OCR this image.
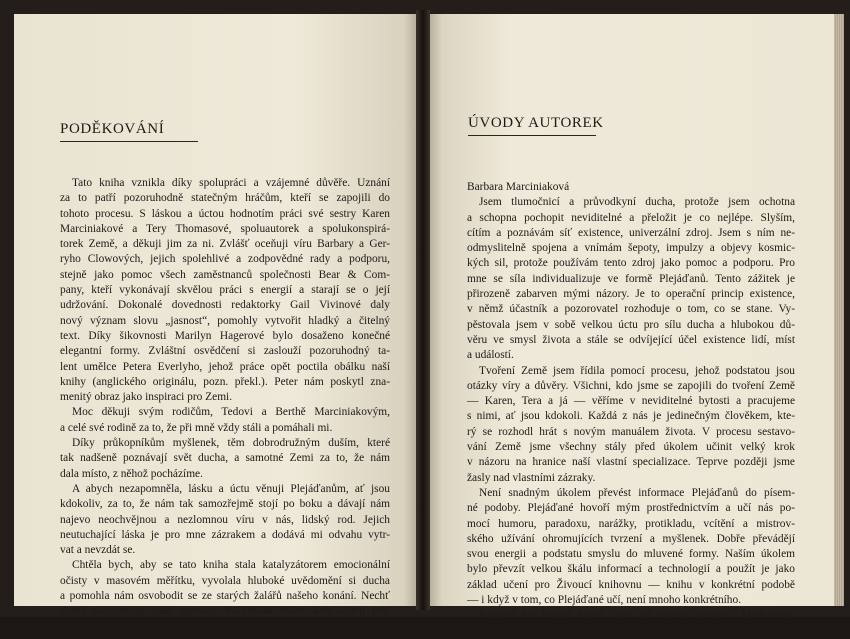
PODĚKOVÁNÍ
Tato kniha vznikla díky spolupráci a vzájemné důvěře. Uznání
za to patří pozoruhodně statečným hráčům, kteří se zapojili do
tohoto procesu. S láskou a úctou hodnotím práci své sestry Karen
Marciniakové a Tery Thomasové, spoluautorek a spolukonspirá-
torek Země, a děkuji jim za ni. Zvlášť oceňuji víru Barbary a Ger-
ryho Clowových, jejich spolehlivé a zodpovědné rady a podporu,
stejně jako pomoc všech zaměstnanců společnosti Bear & Com-
pany, kteří vykonávají skvělou práci s energií a starají se o její
udržování. Dokonalé dovednosti redaktorky Gail Vivinové daly
nový význam slovu „jasnost“, pomohly vytvořit hladký a čitelný
text. Díky šikovnosti Marilyn Hagerové bylo dosaženo konečné
elegantní formy. Zvláštní osvědčení si zaslouží pozoruhodný ta-
lent umělce Petera Everlyho, jehož práce opět poctila obálku naší
knihy (anglického originálu, pozn. překl.). Peter nám poskytl zna-
menitý obraz jako inspiraci pro Zemi.
Moc děkuji svým rodičům, Tedovi a Berthě Marciniakovým,
a celé své rodině za to, že při mně vždy stáli a pomáhali mi.
Díky průkopníkům myšlenek, těm dobrodružným duším, které
tak nadšeně poznávají svět ducha, a samotné Zemi za to, že nám
dala místo, z něhož pocházíme.
A abych nezapomněla, lásku a úctu věnuji Plejáďanům, ať jsou
kdokoliv, za to, že nám tak samozřejmě stojí po boku a dávají nám
najevo neochvějnou a nezlomnou víru v nás, lidský rod. Jejich
neutuchající láska je pro mne zázrakem a dodává mi odvahu vytr-
vat a nevzdát se.
Chtěla bych, aby se tato kniha stala katalyzátorem emocionální
očisty v masovém měřítku, vyvolala hluboké uvědomění si ducha
a pomohla nám osvobodit se ze starých žalářů našeho konání. Nechť
Země odzrcadluje naši nápravu. Požehnání všem, kdo sdílejí tyto
naděje.
ÚVODY AUTOREK
Barbara Marciniaková
Jsem tlumočnicí a průvodkyní ducha, protože jsem ochotna
a schopna pochopit neviditelné a přeložit je co nejlépe. Slyším,
cítím a poznávám síť existence, univerzální zdroj. Jsem s ním ne-
odmyslitelně spojena a vnímám šepoty, impulzy a objevy kosmic-
kých sil, protože používám tento zdroj jako pomoc a podporu. Pro
mne se síla individualizuje ve formě Plejáďanů. Tento zážitek je
přirozeně zabarven mými názory. Je to operační princip existence,
v němž účastník a pozorovatel rozhoduje o tom, co se stane. Vy-
pěstovala jsem v sobě velkou úctu pro sílu ducha a hlubokou dů-
věru ve smysl života a stále se odvíjející účel existence lidí, míst
a událostí.
Tvoření Země jsem řídila pomocí procesu, jehož podstatou jsou
otázky víry a důvěry. Všichni, kdo jsme se zapojili do tvoření Země
— Karen, Tera a já — věříme v neviditelné bytosti a pracujeme
s nimi, ať jsou kdokoli. Každá z nás je jedinečným člověkem, kte-
rý se rozhodl hrát s novým manuálem života. V procesu sestavo-
vání Země jsme všechny stály před úkolem učinit velký krok
v názoru na hranice naší vlastní specializace. Teprve později jsme
žasly nad vlastními zázraky.
Není snadným úkolem převést informace Plejáďanů do písem-
né podoby. Plejáďané hovoří mým prostřednictvím a učí nás po-
mocí humoru, paradoxu, narážky, protikladu, vcítění a mistrov-
ského užívání ohromujících tvrzení a myšlenek. Dobře převádějí
svou energii a podstatu smyslu do mluvené formy. Naším úkolem
bylo převzít velkou škálu informací a technologií a použít je jako
základ učení pro Živoucí knihovnu — knihu v konkrétní podobě
— i když v tom, co Plejáďané učí, není mnoho konkrétního.
Naštěstí byl formát knihy jasný od samého začátku. Měla obsa-
hovat dvanáct kapitol a jejím cílem bylo seznámit čtenáře hlouběji
